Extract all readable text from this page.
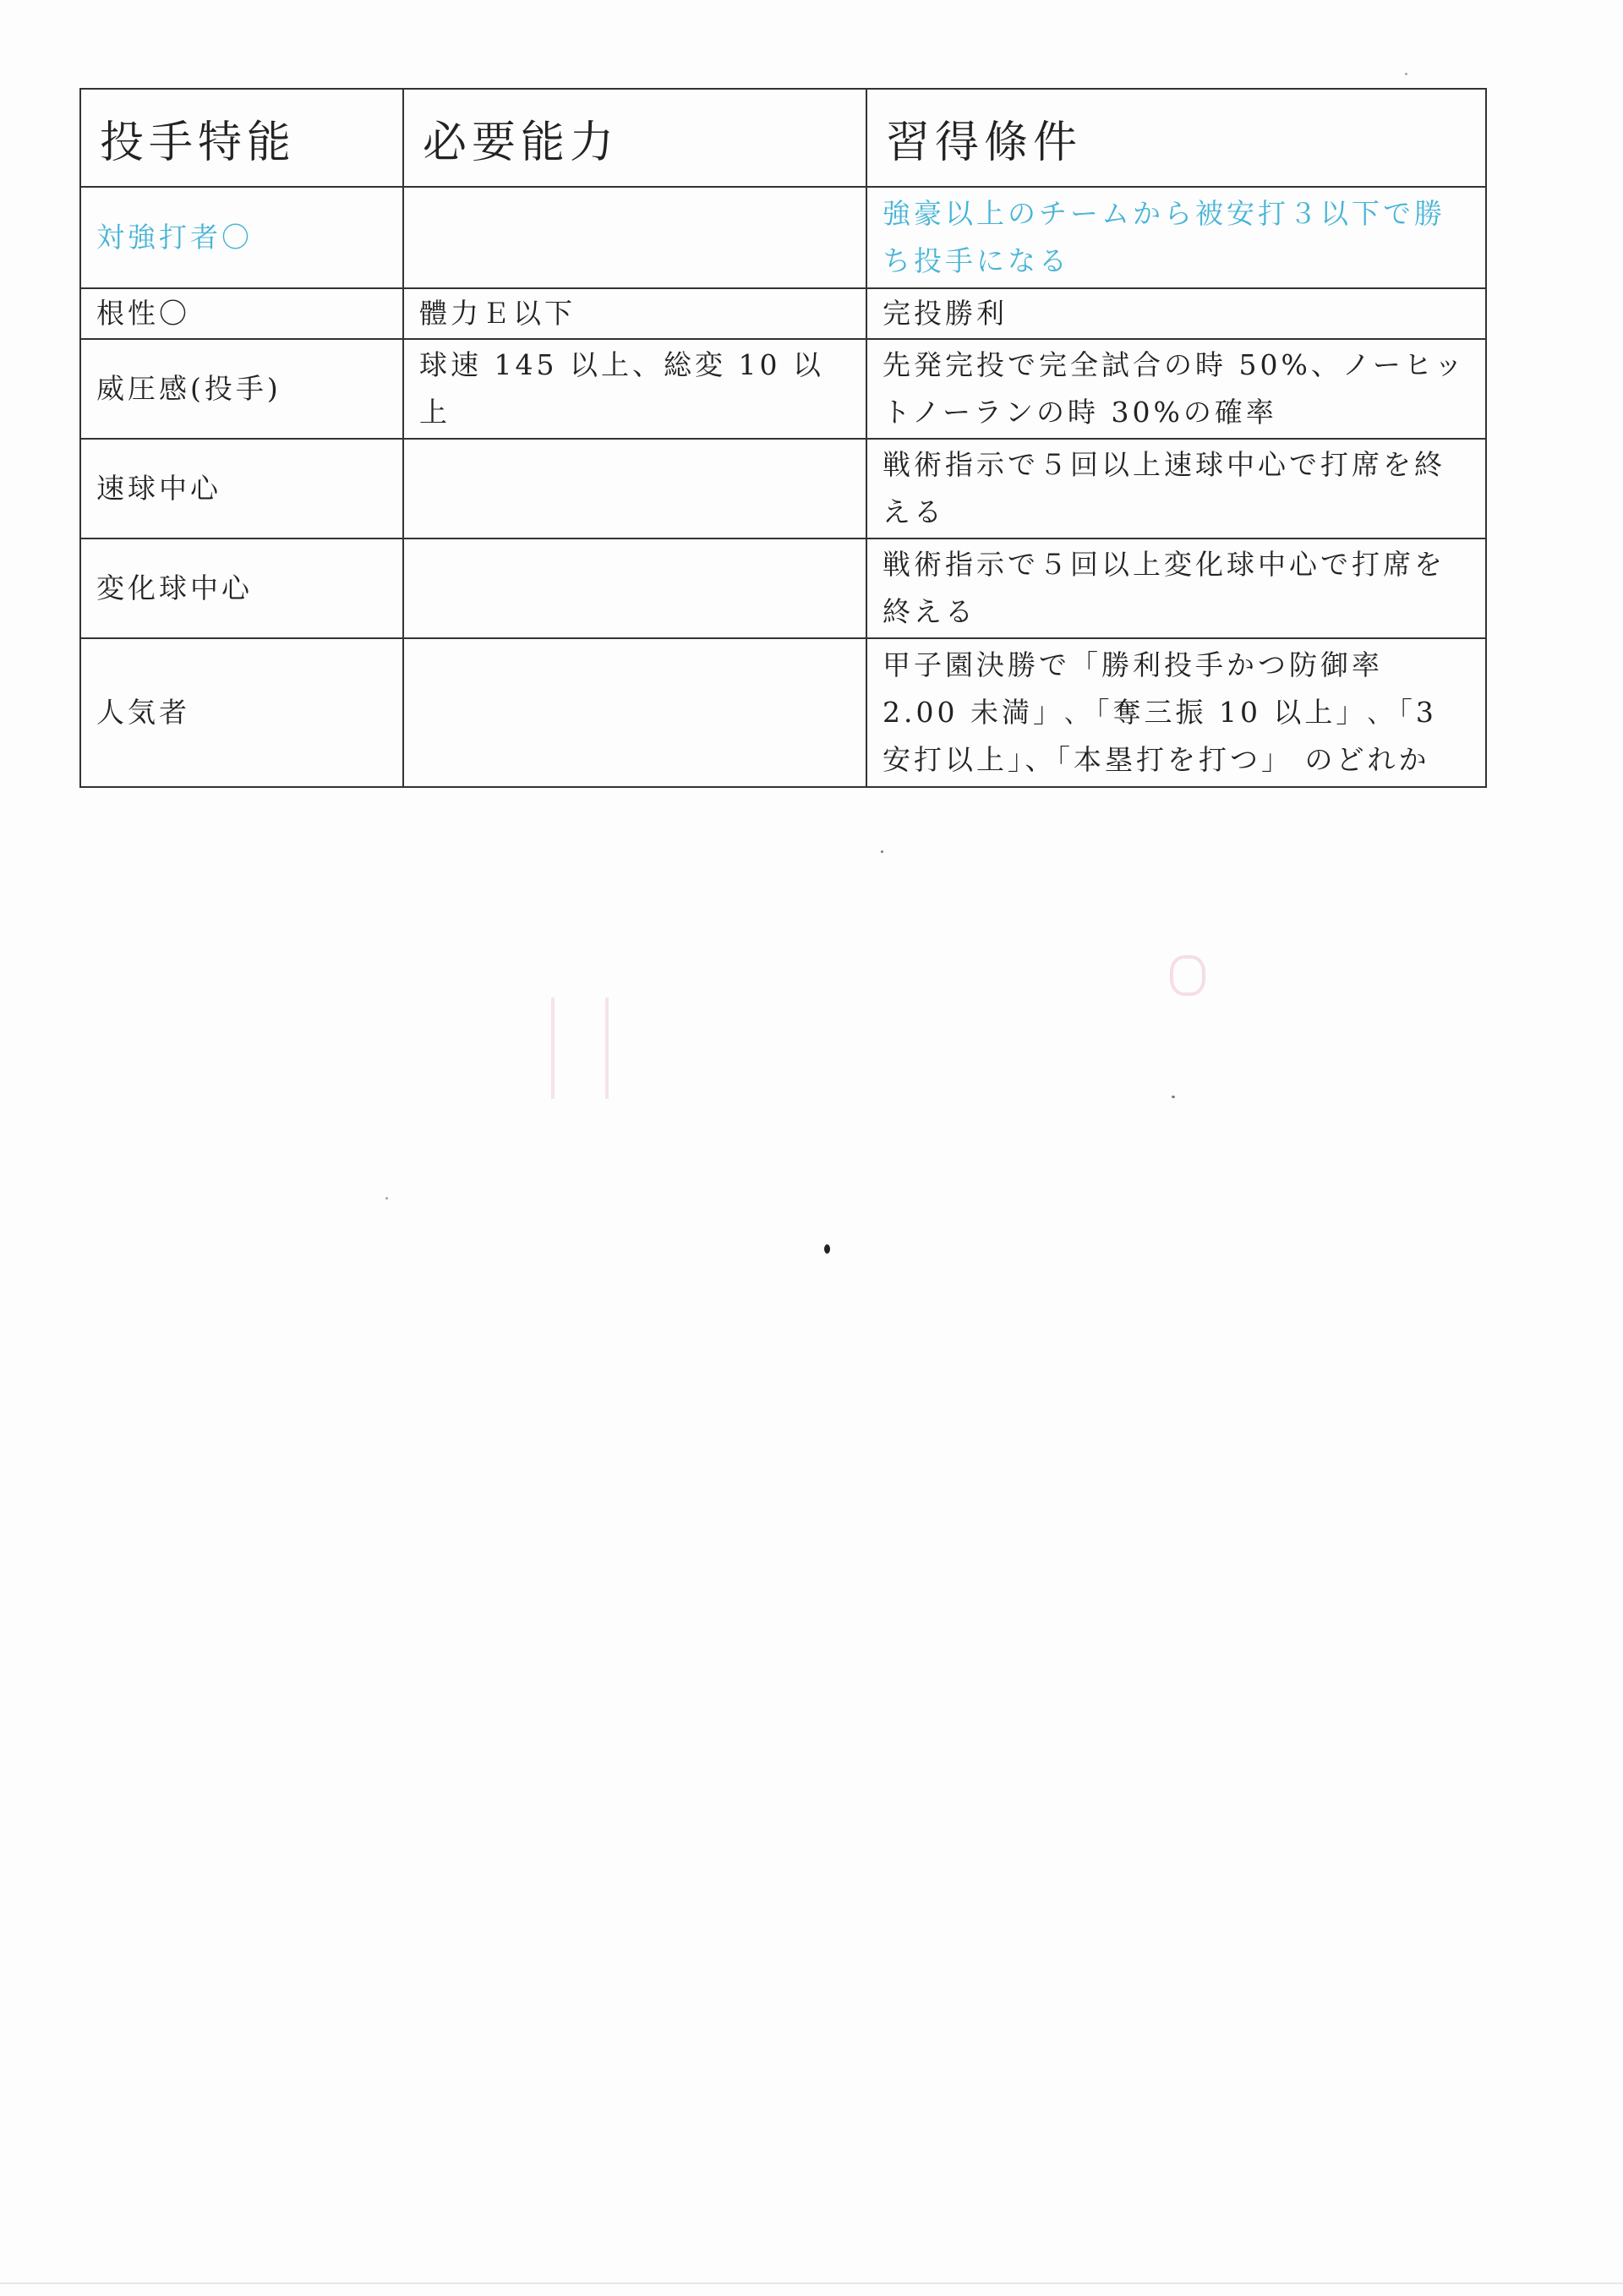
投手特能	必要能力	習得條件
対強打者〇		強豪以上のチームから被安打３以下で勝ち投手になる
根性〇	體力Ｅ以下	完投勝利
威圧感(投手)	球速 145 以上、総変 10 以上	先発完投で完全試合の時 50%、ノーヒットノーランの時 30%の確率
速球中心		戦術指示で５回以上速球中心で打席を終える
変化球中心		戦術指示で５回以上変化球中心で打席を終える
人気者		甲子園決勝で「勝利投手かつ防御率 2.00 未満」､「奪三振 10 以上」､「3 安打以上」、「本塁打を打つ」 のどれか
